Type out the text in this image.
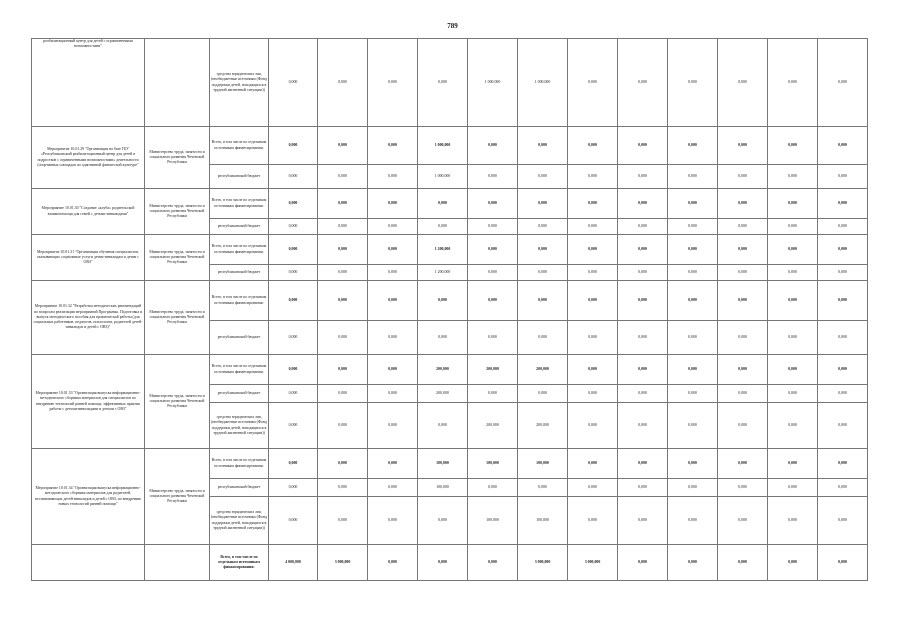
789
реабилитационный центр для детей с ограниченными возможностями"		средства юридических лиц (необюджетные источники (Фонд поддержки детей, находящихся в трудной жизненной ситуации))	0,000	0,000	0,000	0,000	1 000,000	1 000,000	0,000	0,000	0,000	0,000	0,000	0,000
Мероприятие 10.01.29 "Организация на базе ГБУ «Республиканский реабилитационный центр для детей и подростков с ограниченными возможностями» деятельности (спортивных площадок по адаптивной физической культуре"	Министерство труда, занятости и социального развития Чеченской Республики	Всего, в том числе по отдельным источникам финансирования:	0,000	0,000	0,000	1 000,000	0,000	0,000	0,000	0,000	0,000	0,000	0,000	0,000
		республиканский бюджет	0,000	0,000	0,000	1 000,000	0,000	0,000	0,000	0,000	0,000	0,000	0,000	0,000
Мероприятие 10.01.30 "Создание «клуба» родительской взаимопомощи для семей с детьми-инвалидами"	Министерство труда, занятости и социального развития Чеченской Республики	Всего, в том числе по отдельным источникам финансирования:	0,000	0,000	0,000	0,000	0,000	0,000	0,000	0,000	0,000	0,000	0,000	0,000
		республиканский бюджет	0,000	0,000	0,000	0,000	0,000	0,000	0,000	0,000	0,000	0,000	0,000	0,000
Мероприятие 10.01.31 "Организация обучения специалистов, оказывающих социальные услуги детям-инвалидам и детям с ОВЗ"	Министерство труда, занятости и социального развития Чеченской Республики	Всего, в том числе по отдельным источникам финансирования:	0,000	0,000	0,000	1 200,000	0,000	0,000	0,000	0,000	0,000	0,000	0,000	0,000
		республиканский бюджет	0,000	0,000	0,000	1 200,000	0,000	0,000	0,000	0,000	0,000	0,000	0,000	0,000
Мероприятие 10.01.32 "Разработка методических рекомендаций по вопросам реализации мероприятий Программы. Подготовка и выпуск методического пособия для практической работы (для социальных работников, педагогов, психологов, родителей детей-инвалидов и детей с ОВЗ)"	Министерство труда, занятости и социального развития Чеченской Республики	Всего, в том числе по отдельным источникам финансирования:	0,000	0,000	0,000	0,000	0,000	0,000	0,000	0,000	0,000	0,000	0,000	0,000
		республиканский бюджет	0,000	0,000	0,000	0,000	0,000	0,000	0,000	0,000	0,000	0,000	0,000	0,000
Мероприятие 10.01.33 "Организация выпуска информационно-методического сборника материалов для специалистов по внедрению технологий ранней помощи, эффективных практик работы с детьми-инвалидами и детьми с ОВЗ"	Министерство труда, занятости и социального развития Чеченской Республики	Всего, в том числе по отдельным источникам финансирования:	0,000	0,000	0,000	200,000	200,000	200,000	0,000	0,000	0,000	0,000	0,000	0,000
		республиканский бюджет	0,000	0,000	0,000	200,000	0,000	0,000	0,000	0,000	0,000	0,000	0,000	0,000
		средства юридических лиц (необюджетные источники (Фонд поддержки детей, находящихся в трудной жизненной ситуации))	0,000	0,000	0,000	0,000	200,000	200,000	0,000	0,000	0,000	0,000	0,000	0,000
Мероприятие 10.01.34 "Организация выпуска информационно-методического сборника материалов для родителей, воспитывающих детей-инвалидов и детей с ОВЗ, по внедрению новых технологий ранней помощи"	Министерство труда, занятости и социального развития Чеченской Республики	Всего, в том числе по отдельным источникам финансирования:	0,000	0,000	0,000	100,000	100,000	100,000	0,000	0,000	0,000	0,000	0,000	0,000
		республиканский бюджет	0,000	0,000	0,000	100,000	0,000	0,000	0,000	0,000	0,000	0,000	0,000	0,000
		средства юридических лиц (необюджетные источники (Фонд поддержки детей, находящихся в трудной жизненной ситуации))	0,000	0,000	0,000	0,000	100,000	100,000	0,000	0,000	0,000	0,000	0,000	0,000
		Всего, в том числе по отдельным источникам финансирования:	4 000,000	3 000,000	0,000	0,000	0,000	3 000,000	3 000,000	0,000	0,000	0,000	0,000	0,000
